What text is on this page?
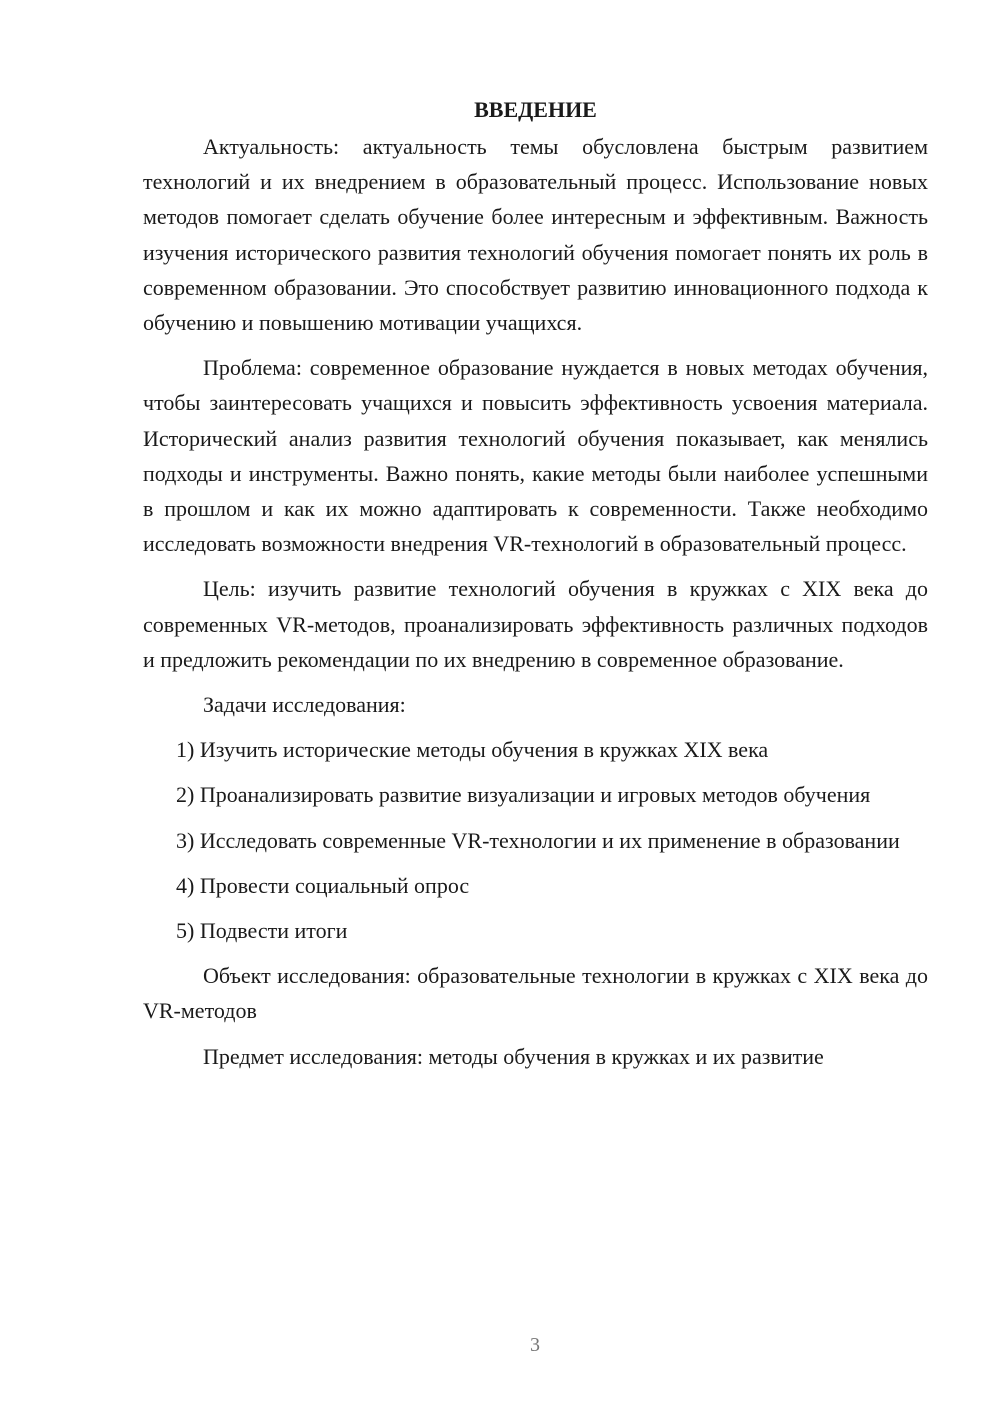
ВВЕДЕНИЕ

Актуальность: актуальность темы обусловлена быстрым развитием технологий и их внедрением в образовательный процесс. Использование новых методов помогает сделать обучение более интересным и эффективным. Важность изучения исторического развития технологий обучения помогает понять их роль в современном образовании. Это способствует развитию инновационного подхода к обучению и повышению мотивации учащихся.

Проблема: современное образование нуждается в новых методах обучения, чтобы заинтересовать учащихся и повысить эффективность усвоения материала. Исторический анализ развития технологий обучения показывает, как менялись подходы и инструменты. Важно понять, какие методы были наиболее успешными в прошлом и как их можно адаптировать к современности. Также необходимо исследовать возможности внедрения VR-технологий в образовательный процесс.

Цель: изучить развитие технологий обучения в кружках с XIX века до современных VR-методов, проанализировать эффективность различных подходов и предложить рекомендации по их внедрению в современное образование.

Задачи исследования:

1) Изучить исторические методы обучения в кружках XIX века

2) Проанализировать развитие визуализации и игровых методов обучения

3) Исследовать современные VR-технологии и их применение в образовании

4) Провести социальный опрос

5) Подвести итоги

Объект исследования: образовательные технологии в кружках с XIX века до VR-методов

Предмет исследования: методы обучения в кружках и их развитие

3
